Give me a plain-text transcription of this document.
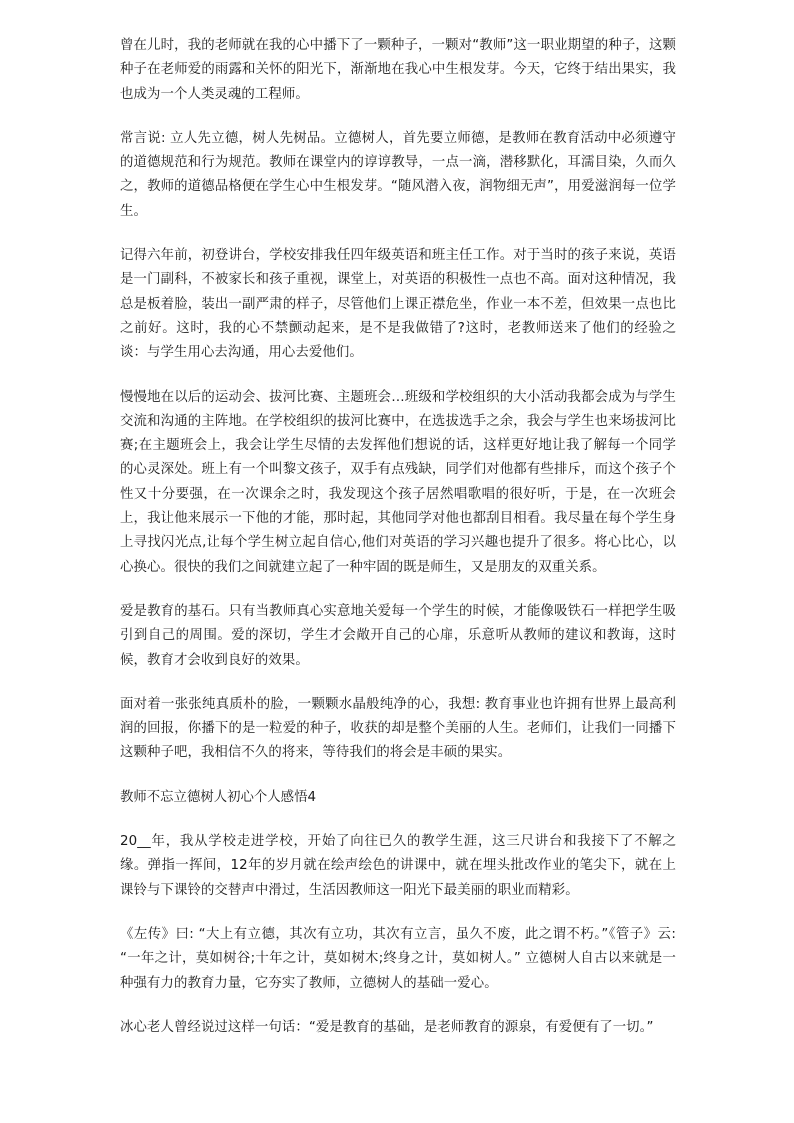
曾在儿时，我的老师就在我的心中播下了一颗种子，一颗对“教师”这一职业期望的种子，这颗种子在老师爱的雨露和关怀的阳光下，渐渐地在我心中生根发芽。今天，它终于结出果实，我也成为一个人类灵魂的工程师。

常言说: 立人先立德，树人先树品。立德树人，首先要立师德，是教师在教育活动中必须遵守的道德规范和行为规范。教师在课堂内的谆谆教导，一点一滴，潜移默化，耳濡目染，久而久之，教师的道德品格便在学生心中生根发芽。“随风潜入夜，润物细无声”，用爱滋润每一位学生。

记得六年前，初登讲台，学校安排我任四年级英语和班主任工作。对于当时的孩子来说，英语是一门副科，不被家长和孩子重视，课堂上，对英语的积极性一点也不高。面对这种情况，我总是板着脸，装出一副严肃的样子，尽管他们上课正襟危坐，作业一本不差，但效果一点也比之前好。这时，我的心不禁颤动起来，是不是我做错了?这时，老教师送来了他们的经验之谈：与学生用心去沟通，用心去爱他们。

慢慢地在以后的运动会、拔河比赛、主题班会…班级和学校组织的大小活动我都会成为与学生交流和沟通的主阵地。在学校组织的拔河比赛中，在选拔选手之余，我会与学生也来场拔河比赛;在主题班会上，我会让学生尽情的去发挥他们想说的话，这样更好地让我了解每一个同学的心灵深处。班上有一个叫黎文孩子，双手有点残缺，同学们对他都有些排斥，而这个孩子个性又十分要强，在一次课余之时，我发现这个孩子居然唱歌唱的很好听，于是，在一次班会上，我让他来展示一下他的才能，那时起，其他同学对他也都刮目相看。我尽量在每个学生身上寻找闪光点,让每个学生树立起自信心,他们对英语的学习兴趣也提升了很多。将心比心，以心换心。很快的我们之间就建立起了一种牢固的既是师生，又是朋友的双重关系。

爱是教育的基石。只有当教师真心实意地关爱每一个学生的时候，才能像吸铁石一样把学生吸引到自己的周围。爱的深切，学生才会敞开自己的心扉，乐意听从教师的建议和教诲，这时候，教育才会收到良好的效果。

面对着一张张纯真质朴的脸，一颗颗水晶般纯净的心，我想: 教育事业也许拥有世界上最高利润的回报，你播下的是一粒爱的种子，收获的却是整个美丽的人生。老师们，让我们一同播下这颗种子吧，我相信不久的将来，等待我们的将会是丰硕的果实。

教师不忘立德树人初心个人感悟4

20__年，我从学校走进学校，开始了向往已久的教学生涯，这三尺讲台和我接下了不解之缘。弹指一挥间，12年的岁月就在绘声绘色的讲课中，就在埋头批改作业的笔尖下，就在上课铃与下课铃的交替声中滑过，生活因教师这一阳光下最美丽的职业而精彩。

《左传》曰: “大上有立德，其次有立功，其次有立言，虽久不废，此之谓不朽。”《管子》云: “一年之计，莫如树谷;十年之计，莫如树木;终身之计，莫如树人。” 立德树人自古以来就是一种强有力的教育力量，它夯实了教师，立德树人的基础一爱心。

冰心老人曾经说过这样一句话：“爱是教育的基础，是老师教育的源泉，有爱便有了一切。”
